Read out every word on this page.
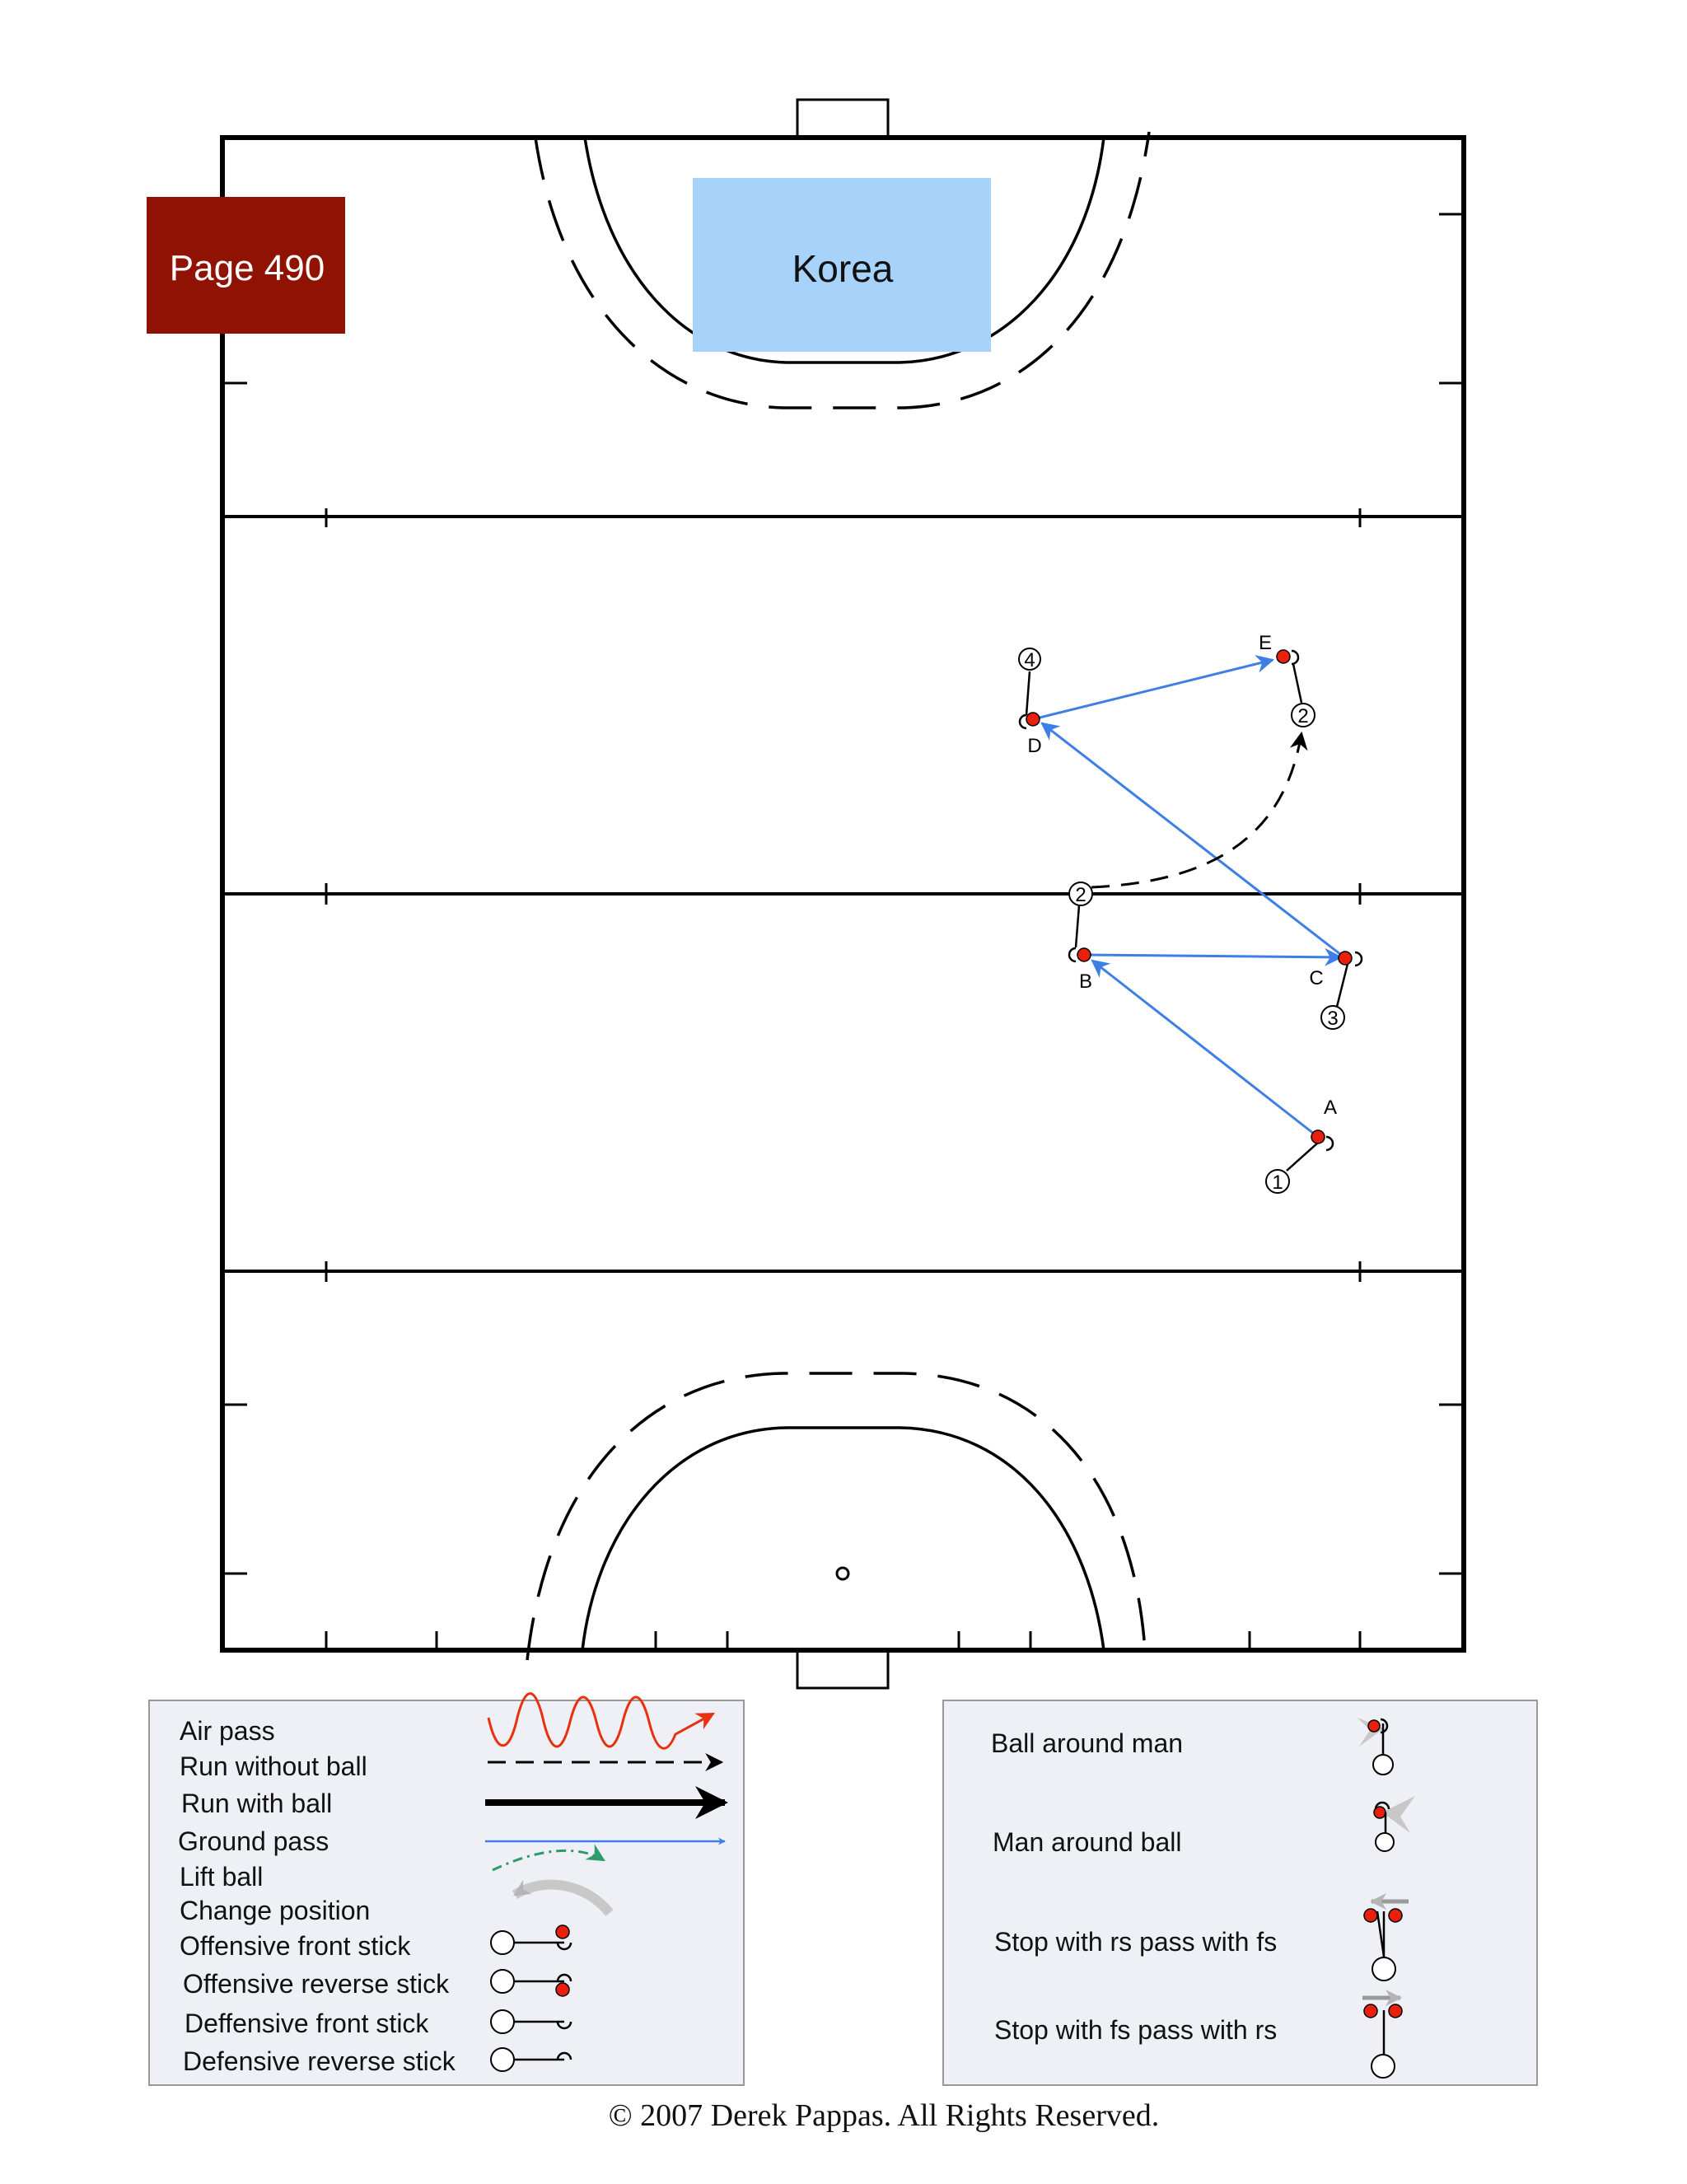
Page 490	Korea
4
D
2
E
2
B
3
C
1
A
Air pass
Run without ball
Run with ball
Ground pass
Lift ball
Change position
Offensive front stick
Offensive reverse stick
Deffensive front stick
Defensive reverse stick
Ball around man
Man around ball
Stop with rs pass with fs
Stop with fs pass with rs
© 2007 Derek Pappas. All Rights Reserved.
